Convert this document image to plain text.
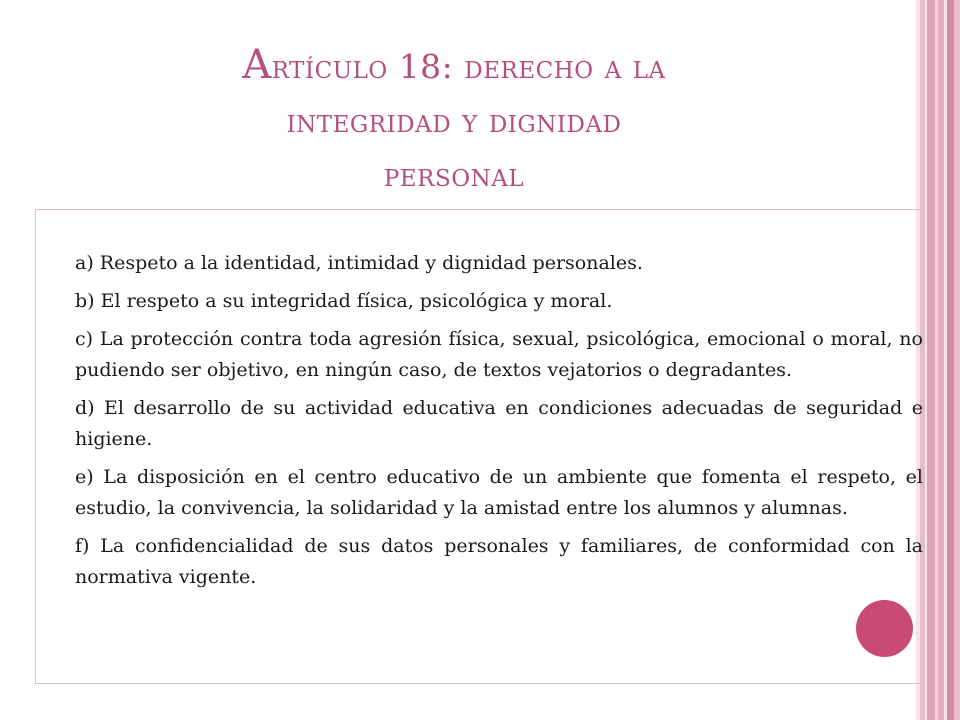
Artículo 18: derecho a la
integridad y dignidad
personal
a) Respeto a la identidad, intimidad y dignidad personales.
b) El respeto a su integridad física, psicológica y moral.
c) La protección contra toda agresión física, sexual, psicológica, emocional o moral, no pudiendo ser objetivo, en ningún caso, de textos vejatorios o degradantes.
d) El desarrollo de su actividad educativa en condiciones adecuadas de seguridad e higiene.
e) La disposición en el centro educativo de un ambiente que fomenta el respeto, el estudio, la convivencia, la solidaridad y la amistad entre los alumnos y alumnas.
f) La confidencialidad de sus datos personales y familiares, de conformidad con la normativa vigente.
